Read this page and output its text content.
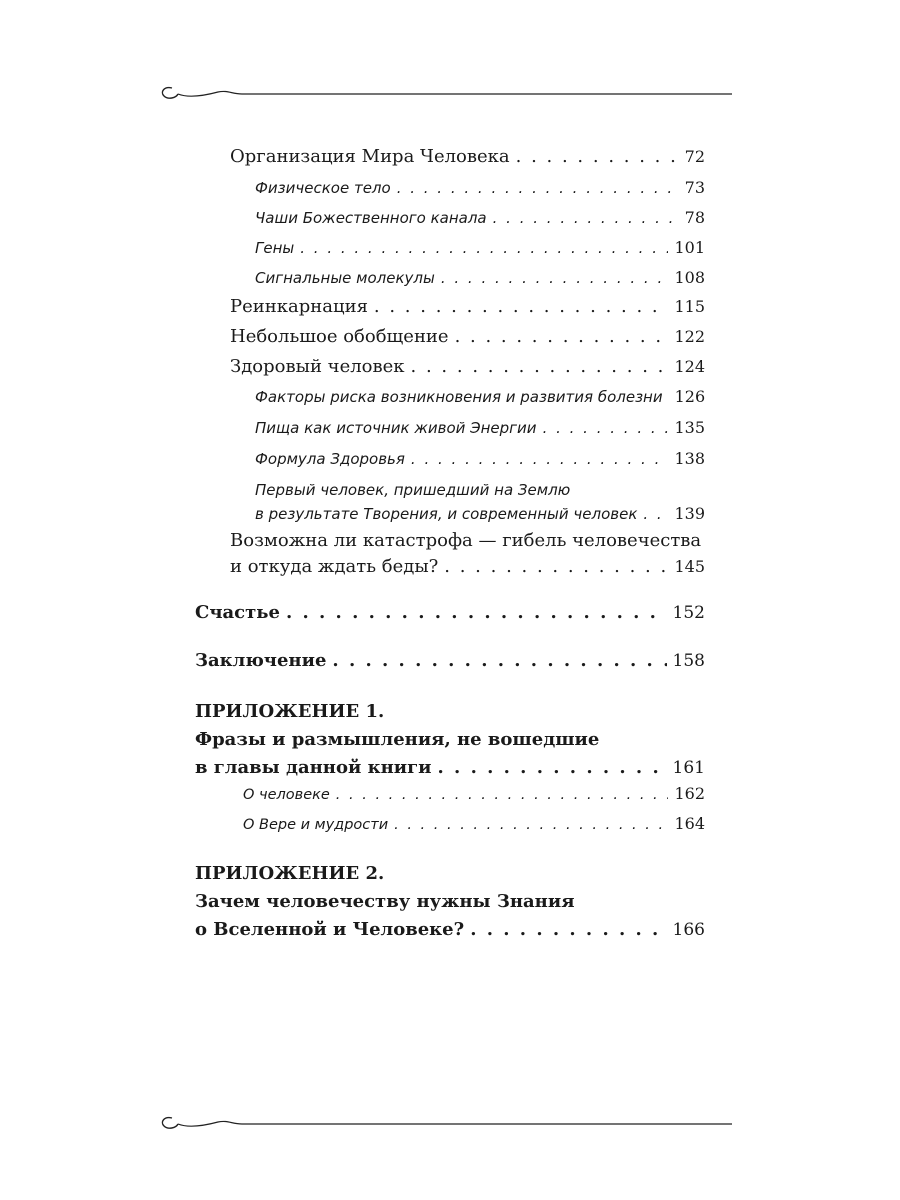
Организация Мира Человека . . .	72
Физическое тело . . .	73
Чаши Божественного канала . . .	78
Гены . . .	101
Сигнальные молекулы . . .	108
Реинкарнация . . .	115
Небольшое обобщение . . .	122
Здоровый человек . . .	124
Факторы риска возникновения и развития болезни 126
Пища как источник живой Энергии . . .	135
Формула Здоровья . . .	138
Первый человек, пришедший на Землю
в результате Творения, и современный человек . . . 139
Возможна ли катастрофа — гибель человечества
и откуда ждать беды? . . .	145
Счастье . . .	152
Заключение . . .	158
ПРИЛОЖЕНИЕ 1.
Фразы и размышления, не вошедшие
в главы данной книги . . .	161
О человеке . . .	162
О Вере и мудрости . . .	164
ПРИЛОЖЕНИЕ 2.
Зачем человечеству нужны Знания
о Вселенной и Человеке? . . .	166
